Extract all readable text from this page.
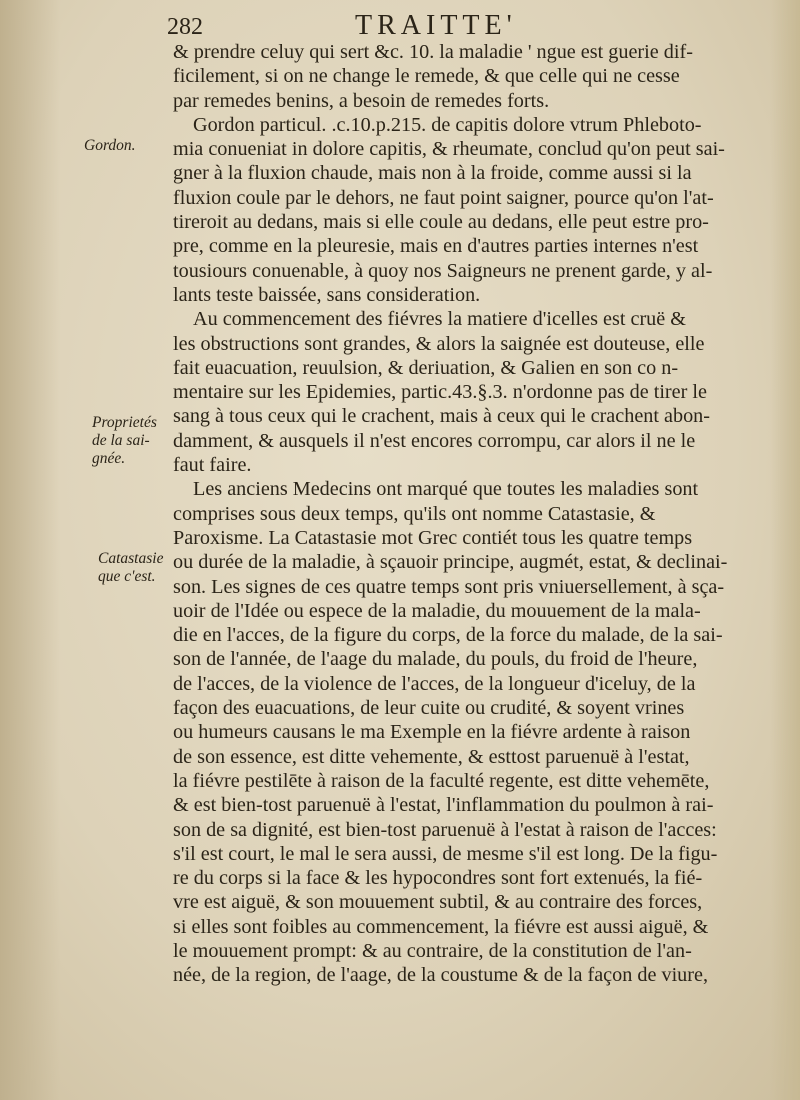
282	TRAITTE'
Gordon.
Proprietés
de la sai-
gnée.
Catastasie
que c'est.
& prendre celuy qui sert &c. 10. la maladie ' ngue est guerie dif-
ficilement, si on ne change le remede, & que celle qui ne cesse
par remedes benins, a besoin de remedes forts.
Gordon particul. .c.10.p.215. de capitis dolore vtrum Phleboto-
mia conueniat in dolore capitis, & rheumate, conclud qu'on peut sai-
gner à la fluxion chaude, mais non à la froide, comme aussi si la
fluxion coule par le dehors, ne faut point saigner, pource qu'on l'at-
tireroit au dedans, mais si elle coule au dedans, elle peut estre pro-
pre, comme en la pleuresie, mais en d'autres parties internes n'est
tousiours conuenable, à quoy nos Saigneurs ne prenent garde, y al-
lants teste baissée, sans consideration.
Au commencement des fiévres la matiere d'icelles est cruë &
les obstructions sont grandes, & alors la saignée est douteuse, elle
fait euacuation, reuulsion, & deriuation, & Galien en son co n-
mentaire sur les Epidemies, partic.43.§.3. n'ordonne pas de tirer le
sang à tous ceux qui le crachent, mais à ceux qui le crachent abon-
damment, & ausquels il n'est encores corrompu, car alors il ne le
faut faire.
Les anciens Medecins ont marqué que toutes les maladies sont
comprises sous deux temps, qu'ils ont nomme Catastasie, &
Paroxisme. La Catastasie mot Grec contiét tous les quatre temps
ou durée de la maladie, à sçauoir principe, augmét, estat, & declinai-
son. Les signes de ces quatre temps sont pris vniuersellement, à sça-
uoir de l'Idée ou espece de la maladie, du mouuement de la mala-
die en l'acces, de la figure du corps, de la force du malade, de la sai-
son de l'année, de l'aage du malade, du pouls, du froid de l'heure,
de l'acces, de la violence de l'acces, de la longueur d'iceluy, de la
façon des euacuations, de leur cuite ou crudité, & soyent vrines
ou humeurs causans le ma Exemple en la fiévre ardente à raison
de son essence, est ditte vehemente, & esttost paruenuë à l'estat,
la fiévre pestilēte à raison de la faculté regente, est ditte vehemēte,
& est bien-tost paruenuë à l'estat, l'inflammation du poulmon à rai-
son de sa dignité, est bien-tost paruenuë à l'estat à raison de l'acces:
s'il est court, le mal le sera aussi, de mesme s'il est long. De la figu-
re du corps si la face & les hypocondres sont fort extenués, la fié-
vre est aiguë, & son mouuement subtil, & au contraire des forces,
si elles sont foibles au commencement, la fiévre est aussi aiguë, &
le mouuement prompt: & au contraire, de la constitution de l'an-
née, de la region, de l'aage, de la coustume & de la façon de viure,
